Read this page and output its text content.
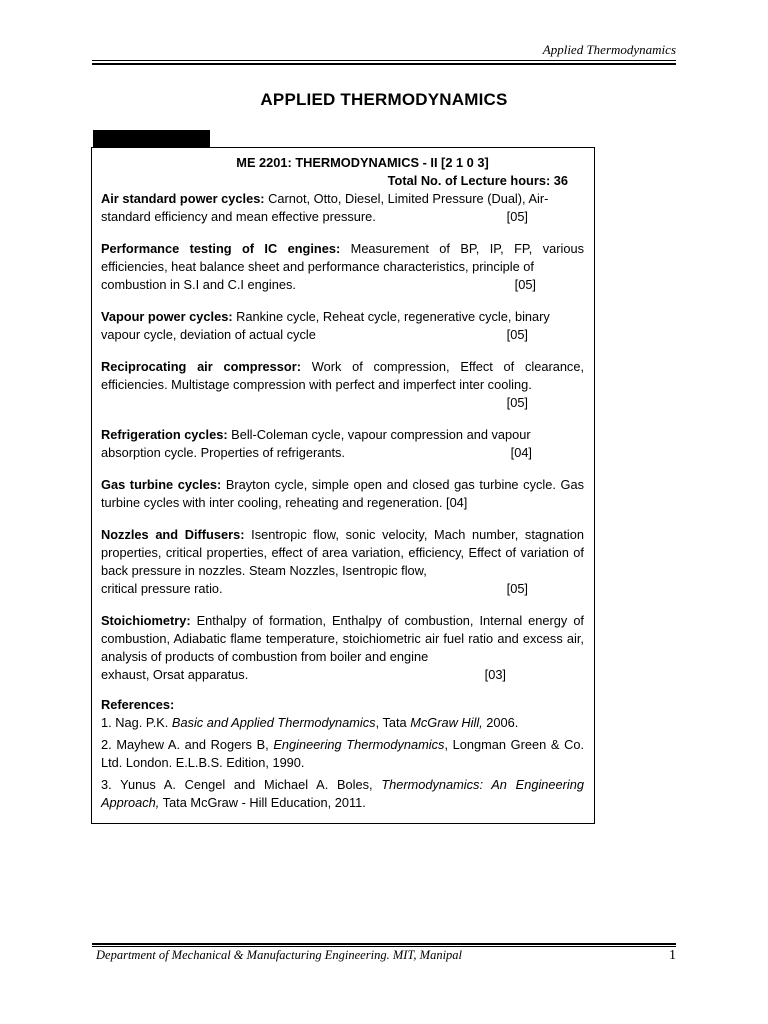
Applied Thermodynamics
APPLIED THERMODYNAMICS
ME 2201: THERMODYNAMICS - II [2 1 0 3]
Total No. of Lecture hours: 36
Air standard power cycles: Carnot, Otto, Diesel, Limited Pressure (Dual), Air-
standard efficiency and mean effective pressure.	[05]
Performance testing of IC engines: Measurement of BP, IP, FP, various efficiencies, heat balance sheet and performance characteristics, principle of
combustion in S.I and C.I engines.	[05]
Vapour power cycles: Rankine cycle, Reheat cycle, regenerative cycle, binary
vapour cycle, deviation of actual cycle	[05]
Reciprocating air compressor: Work of compression, Effect of clearance, efficiencies. Multistage compression with perfect and imperfect inter cooling.
[05]
Refrigeration cycles: Bell-Coleman cycle, vapour compression and vapour
absorption cycle. Properties of refrigerants.	[04]
Gas turbine cycles: Brayton cycle, simple open and closed gas turbine cycle. Gas turbine cycles with inter cooling, reheating and regeneration. [04]
Nozzles and Diffusers: Isentropic flow, sonic velocity, Mach number, stagnation properties, critical properties, effect of area variation, efficiency, Effect of variation of back pressure in nozzles. Steam Nozzles, Isentropic flow,
critical pressure ratio.	[05]
Stoichiometry: Enthalpy of formation, Enthalpy of combustion, Internal energy of combustion, Adiabatic flame temperature, stoichiometric air fuel ratio and excess air, analysis of products of combustion from boiler and engine
exhaust, Orsat apparatus.	[03]
References:
1. Nag. P.K. Basic and Applied Thermodynamics, Tata McGraw Hill, 2006.
2. Mayhew A. and Rogers B, Engineering Thermodynamics, Longman Green & Co. Ltd. London. E.L.B.S. Edition, 1990.
3. Yunus A. Cengel and Michael A. Boles, Thermodynamics: An Engineering Approach, Tata McGraw - Hill Education, 2011.
Department of Mechanical & Manufacturing Engineering. MIT, Manipal	1
